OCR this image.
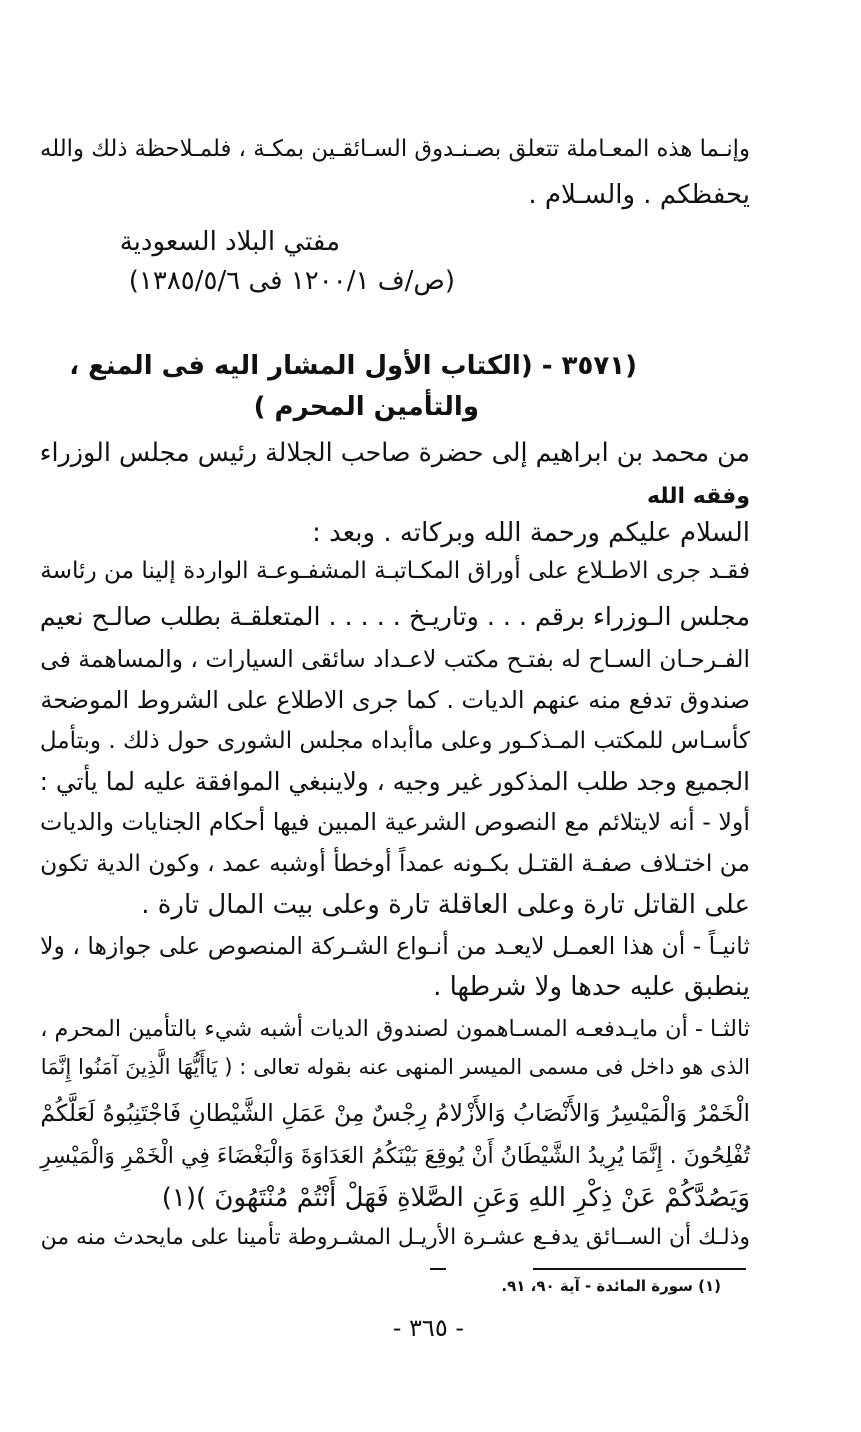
وإنـما هذه المعـاملة تتعلق بصـنـدوق السـائقـين بمكـة ، فلمـلاحظة ذلك والله
يحفظكم . والسـلام .
مفتي البلاد السعودية
(ص/ف ١٢٠٠/١ فى ١٣٨٥/٥/٦)
(٣٥٧١ - (الكتاب الأول المشار اليه فى المنع ،
والتأمين المحرم )
من محمد بن ابراهيم إلى حضرة صاحب الجلالة رئيس مجلس الوزراء
وفقه الله
السلام عليكم ورحمة الله وبركاته . وبعد :
فقـد جرى الاطـلاع على أوراق المكـاتبـة المشفـوعـة الواردة إلينا من رئاسة
مجلس الـوزراء برقم . . . وتاريـخ . . . . . المتعلقـة بطلب صالـح نعيم
الفـرحـان السـاح له بفتـح مكتب لاعـداد سائقى السيارات ، والمساهمة فى
صندوق تدفع منه عنهم الديات . كما جرى الاطلاع على الشروط الموضحة
كأسـاس للمكتب المـذكـور وعلى ماأبداه مجلس الشورى حول ذلك . وبتأمل
الجميع وجد طلب المذكور غير وجيه ، ولاينبغي الموافقة عليه لما يأتي :
أولا - أنه لايتلائم مع النصوص الشرعية المبين فيها أحكام الجنايات والديات
من اختـلاف صفـة القتـل بكـونه عمداً أوخطأ أوشبه عمد ، وكون الدية تكون
على القاتل تارة وعلى العاقلة تارة وعلى بيت المال تارة .
ثانيـاً - أن هذا العمـل لايعـد من أنـواع الشـركة المنصوص على جوازها ، ولا
ينطبق عليه حدها ولا شرطها .
ثالثـا - أن مايـدفعـه المسـاهمون لصندوق الديات أشبه شيء بالتأمين المحرم ،
الذى هو داخل فى مسمى الميسر المنهى عنه بقوله تعالى : ( يَاأَيُّهَا الَّذِينَ آمَنُوا إِنَّمَا
الْخَمْرُ وَالْمَيْسِرُ وَالأَنْصَابُ وَالأَزْلامُ رِجْسٌ مِنْ عَمَلِ الشَّيْطانِ فَاجْتَنِبُوهُ لَعَلَّكُمْ
تُفْلِحُونَ . إِنَّمَا يُرِيدُ الشَّيْطَانُ أَنْ يُوقِعَ بَيْنَكُمُ العَدَاوَةَ وَالْبَغْضَاءَ فِي الْخَمْرِ وَالْمَيْسِرِ
وَيَصُدَّكُمْ عَنْ ذِكْرِ اللهِ وَعَنِ الصَّلاةِ فَهَلْ أَنْتُمْ مُنْتَهُونَ )(١)
وذلـك أن الســائق يدفـع عشـرة الأريـل المشـروطة تأمينا على مايحدث منه من
(١) سورة المائدة - آية ٩٠، ٩١.
- ٣٦٥ -
